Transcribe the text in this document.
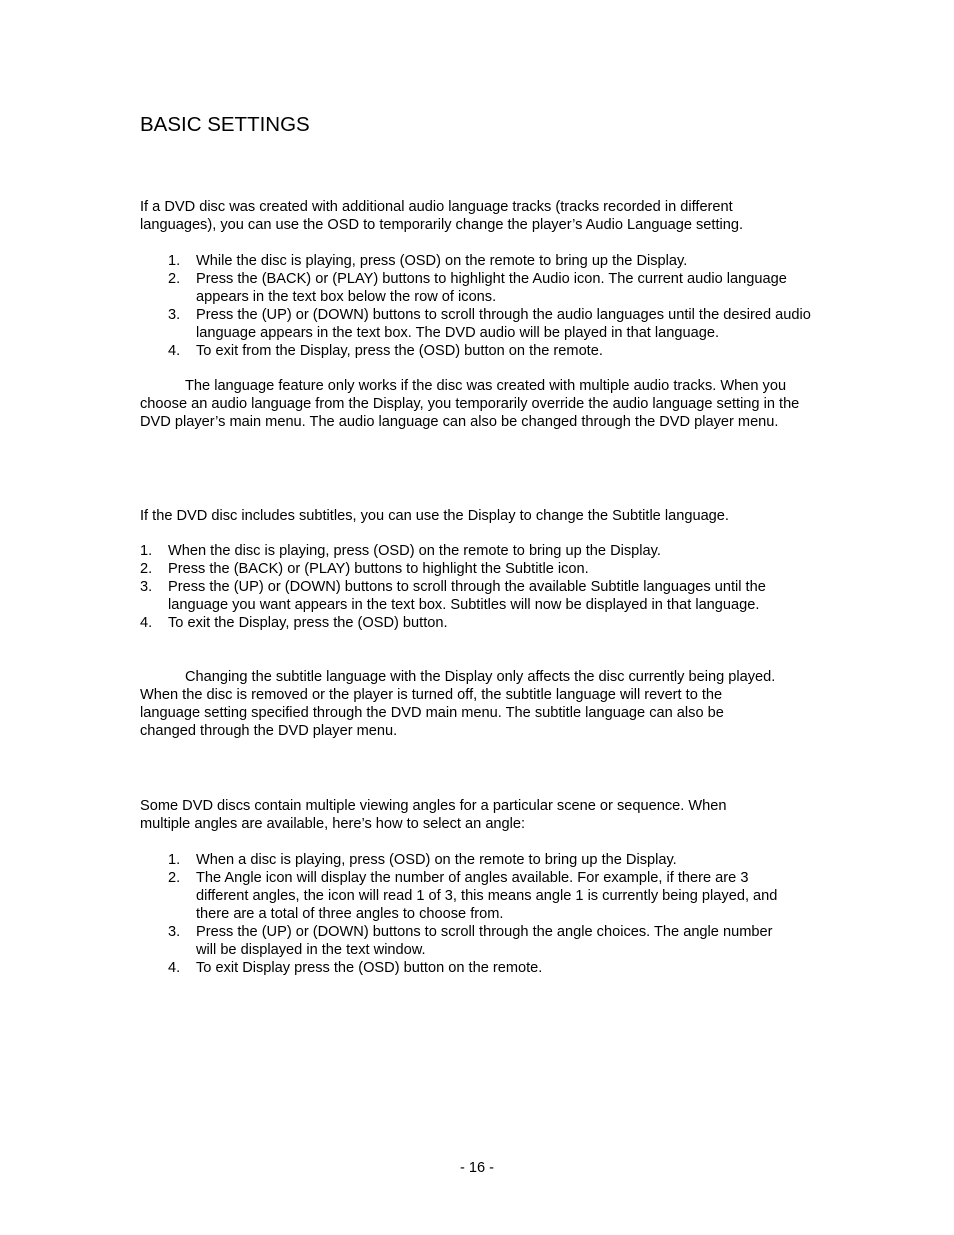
BASIC SETTINGS

If a DVD disc was created with additional audio language tracks (tracks recorded in different languages), you can use the OSD to temporarily change the player’s Audio Language setting.

1. While the disc is playing, press (OSD) on the remote to bring up the Display.
2. Press the (BACK) or (PLAY) buttons to highlight the Audio icon. The current audio language appears in the text box below the row of icons.
3. Press the (UP) or (DOWN) buttons to scroll through the audio languages until the desired audio language appears in the text box. The DVD audio will be played in that language.
4. To exit from the Display, press the (OSD) button on the remote.

The language feature only works if the disc was created with multiple audio tracks. When you choose an audio language from the Display, you temporarily override the audio language setting in the DVD player’s main menu. The audio language can also be changed through the DVD player menu.

If the DVD disc includes subtitles, you can use the Display to change the Subtitle language.

1. When the disc is playing, press (OSD) on the remote to bring up the Display.
2. Press the (BACK) or (PLAY) buttons to highlight the Subtitle icon.
3. Press the (UP) or (DOWN) buttons to scroll through the available Subtitle languages until the language you want appears in the text box. Subtitles will now be displayed in that language.
4. To exit the Display, press the (OSD) button.

Changing the subtitle language with the Display only affects the disc currently being played. When the disc is removed or the player is turned off, the subtitle language will revert to the language setting specified through the DVD main menu. The subtitle language can also be changed through the DVD player menu.

Some DVD discs contain multiple viewing angles for a particular scene or sequence. When multiple angles are available, here’s how to select an angle:

1. When a disc is playing, press (OSD) on the remote to bring up the Display.
2. The Angle icon will display the number of angles available. For example, if there are 3 different angles, the icon will read 1 of 3, this means angle 1 is currently being played, and there are a total of three angles to choose from.
3. Press the (UP) or (DOWN) buttons to scroll through the angle choices. The angle number will be displayed in the text window.
4. To exit Display press the (OSD) button on the remote.
- 16 -
